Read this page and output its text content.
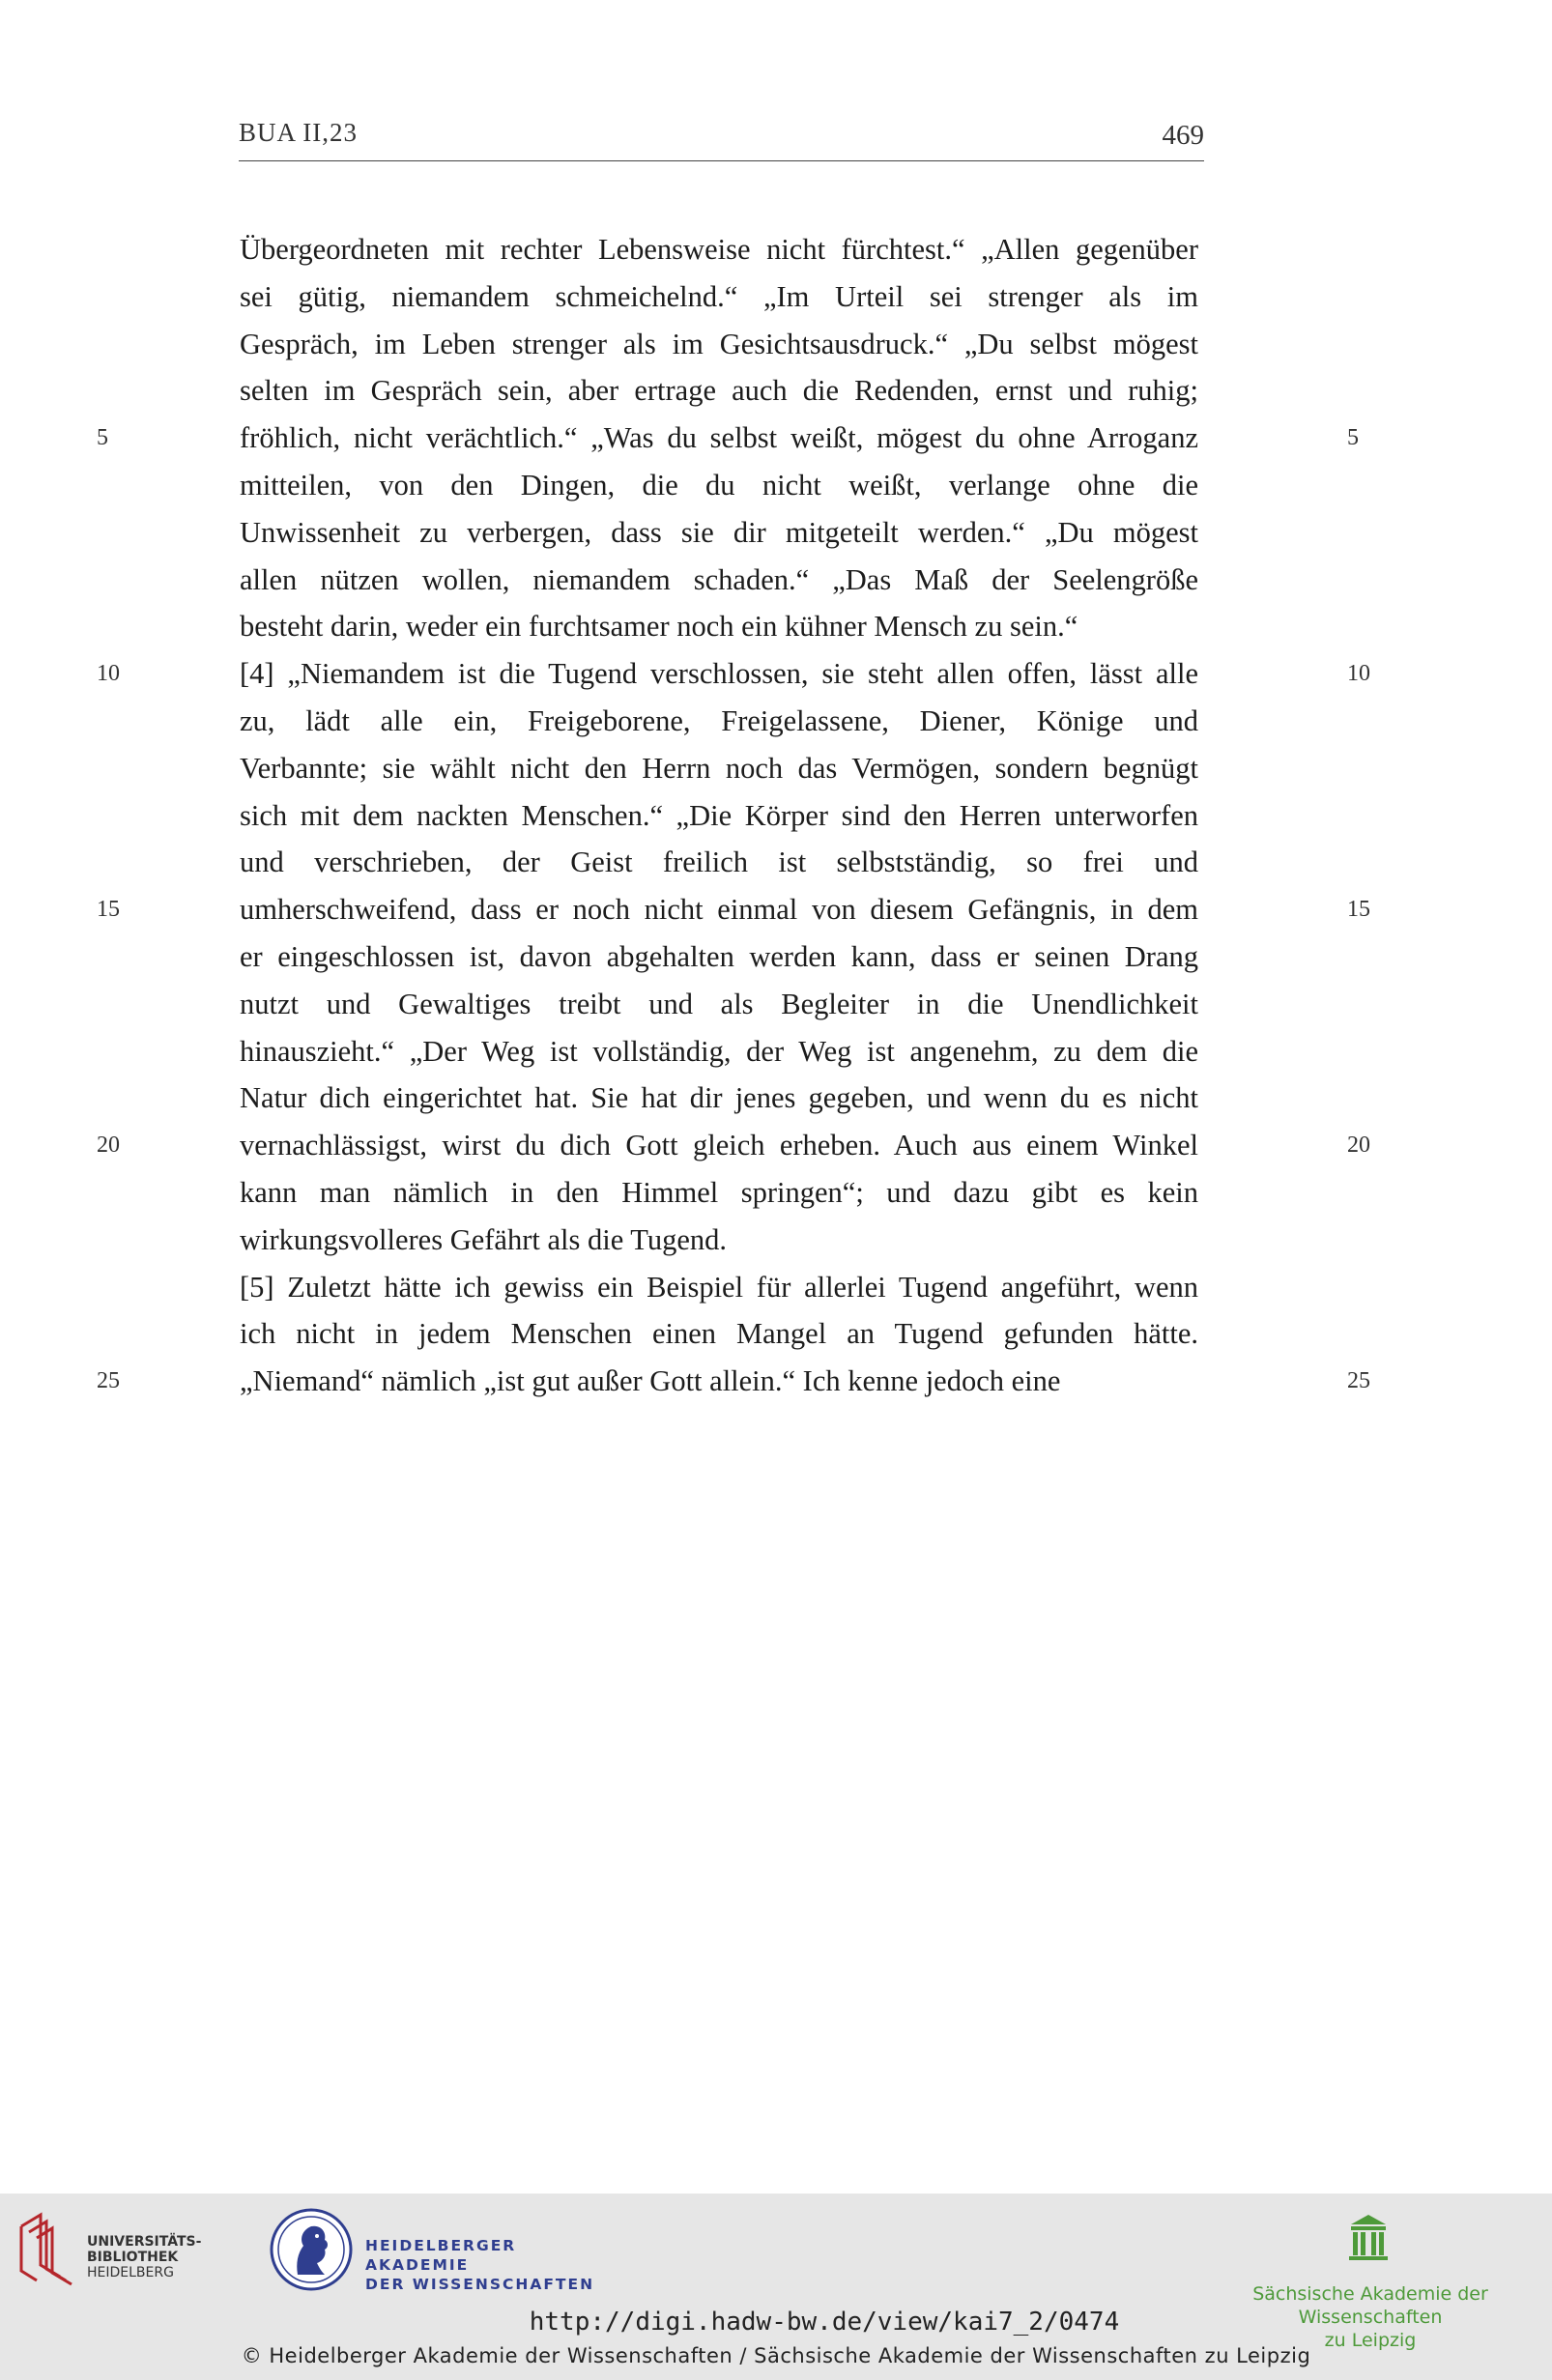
BUA II,23	469
Übergeordneten mit rechter Lebensweise nicht fürchtest.“ „Allen gegenüber
sei gütig, niemandem schmeichelnd.“ „Im Urteil sei strenger als im
Gespräch, im Leben strenger als im Gesichtsausdruck.“ „Du selbst mögest
selten im Gespräch sein, aber ertrage auch die Redenden, ernst und ruhig;
fröhlich, nicht verächtlich.“ „Was du selbst weißt, mögest du ohne Arroganz
5	5
mitteilen, von den Dingen, die du nicht weißt, verlange ohne die
Unwissenheit zu verbergen, dass sie dir mitgeteilt werden.“ „Du mögest
allen nützen wollen, niemandem schaden.“ „Das Maß der Seelengröße
besteht darin, weder ein furchtsamer noch ein kühner Mensch zu sein.“
[4] „Niemandem ist die Tugend verschlossen, sie steht allen offen, lässt alle
10	10
zu, lädt alle ein, Freigeborene, Freigelassene, Diener, Könige und
Verbannte; sie wählt nicht den Herrn noch das Vermögen, sondern begnügt
sich mit dem nackten Menschen.“ „Die Körper sind den Herren unterworfen
und verschrieben, der Geist freilich ist selbstständig, so frei und
umherschweifend, dass er noch nicht einmal von diesem Gefängnis, in dem
15	15
er eingeschlossen ist, davon abgehalten werden kann, dass er seinen Drang
nutzt und Gewaltiges treibt und als Begleiter in die Unendlichkeit
hinauszieht.“ „Der Weg ist vollständig, der Weg ist angenehm, zu dem die
Natur dich eingerichtet hat. Sie hat dir jenes gegeben, und wenn du es nicht
vernachlässigst, wirst du dich Gott gleich erheben. Auch aus einem Winkel
20	20
kann man nämlich in den Himmel springen“; und dazu gibt es kein
wirkungsvolleres Gefährt als die Tugend.
[5] Zuletzt hätte ich gewiss ein Beispiel für allerlei Tugend angeführt, wenn
ich nicht in jedem Menschen einen Mangel an Tugend gefunden hätte.
„Niemand“ nämlich „ist gut außer Gott allein.“ Ich kenne jedoch eine
25	25
UNIVERSITÄTS-
BIBLIOTHEK
HEIDELBERG
HEIDELBERGER AKADEMIE
DER WISSENSCHAFTEN	Sächsische Akademie der Wissenschaften
zu Leipzig
http://digi.hadw-bw.de/view/kai7_2/0474
© Heidelberger Akademie der Wissenschaften / Sächsische Akademie der Wissenschaften zu Leipzig
